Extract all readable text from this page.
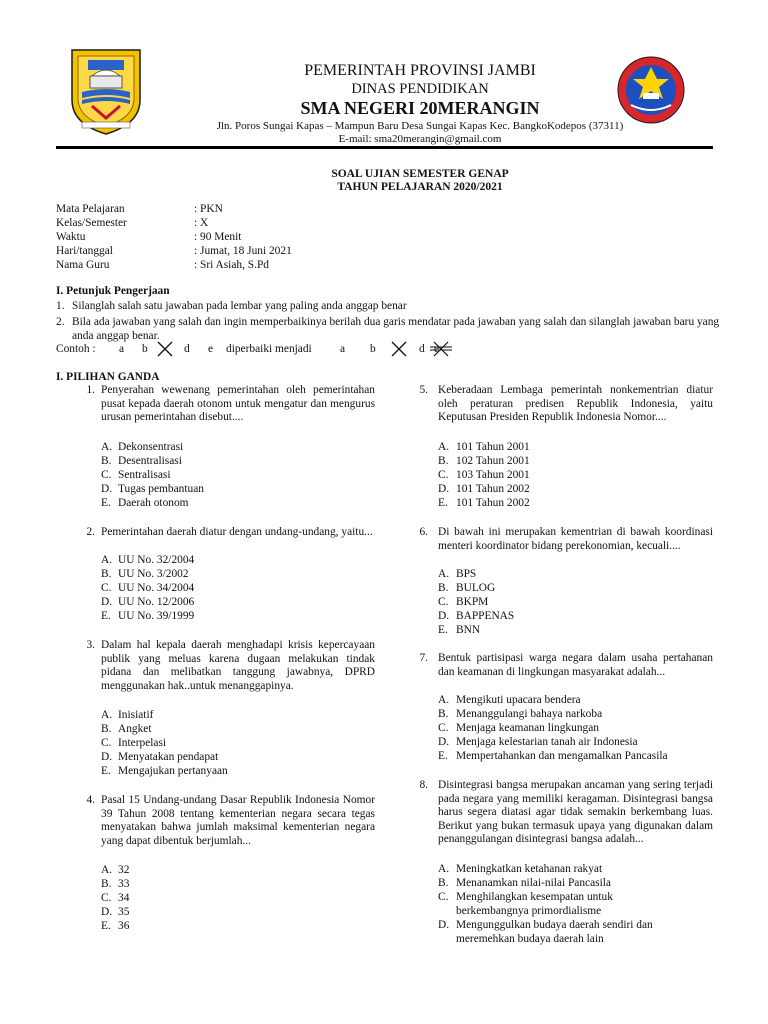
PEMERINTAH PROVINSI JAMBI
DINAS PENDIDIKAN
SMA NEGERI 20MERANGIN
Jln. Poros Sungai Kapas – Mampun Baru Desa Sungai Kapas Kec. BangkoKodepos (37311)
E-mail: sma20merangin@gmail.com
SOAL UJIAN SEMESTER GENAP
TAHUN PELAJARAN 2020/2021
Mata Pelajaran	: PKN
Kelas/Semester	: X
Waktu	: 90 Menit
Hari/tanggal	: Jumat, 18 Juni 2021
Nama Guru	: Sri Asiah, S.Pd
I. Petunjuk Pengerjaan
1. Silanglah salah satu jawaban pada lembar yang paling anda anggap benar
2. Bila ada jawaban yang salah dan ingin memperbaikinya berilah dua garis mendatar pada jawaban yang salah dan silanglah jawaban baru yang anda anggap benar.
Contoh : a b	d e diperbaiki menjadi a b	d e
I. PILIHAN GANDA
1. Penyerahan wewenang pemerintahan oleh pemerintahan pusat kepada daerah otonom untuk mengatur dan mengurus urusan pemerintahan disebut....
A. Dekonsentrasi
B. Desentralisasi
C. Sentralisasi
D. Tugas pembantuan
E. Daerah otonom
2. Pemerintahan daerah diatur dengan undang-undang, yaitu...
A. UU No. 32/2004
B. UU No. 3/2002
C. UU No. 34/2004
D. UU No. 12/2006
E. UU No. 39/1999
3. Dalam hal kepala daerah menghadapi krisis kepercayaan publik yang meluas karena dugaan melakukan tindak pidana dan melibatkan tanggung jawabnya, DPRD menggunakan hak..untuk menanggapinya.
A. Inisiatif
B. Angket
C. Interpelasi
D. Menyatakan pendapat
E. Mengajukan pertanyaan
4. Pasal 15 Undang-undang Dasar Republik Indonesia Nomor 39 Tahun 2008 tentang kementerian negara secara tegas menyatakan bahwa jumlah maksimal kementerian negara yang dapat dibentuk berjumlah...
A. 32
B. 33
C. 34
D. 35
E. 36
5. Keberadaan Lembaga pemerintah nonkementrian diatur oleh peraturan predisen Republik Indonesia, yaitu Keputusan Presiden Republik Indonesia Nomor....
A. 101 Tahun 2001
B. 102 Tahun 2001
C. 103 Tahun 2001
D. 101 Tahun 2002
E. 101 Tahun 2002
6. Di bawah ini merupakan kementrian di bawah koordinasi menteri koordinator bidang perekonomian, kecuali....
A. BPS
B. BULOG
C. BKPM
D. BAPPENAS
E. BNN
7. Bentuk partisipasi warga negara dalam usaha pertahanan dan keamanan di lingkungan masyarakat adalah...
A. Mengikuti upacara bendera
B. Menanggulangi bahaya narkoba
C. Menjaga keamanan lingkungan
D. Menjaga kelestarian tanah air Indonesia
E. Mempertahankan dan mengamalkan Pancasila
8. Disintegrasi bangsa merupakan ancaman yang sering terjadi pada negara yang memiliki keragaman. Disintegrasi bangsa harus segera diatasi agar tidak semakin berkembang luas. Berikut yang bukan termasuk upaya yang digunakan dalam penanggulangan disintegrasi bangsa adalah...
A. Meningkatkan ketahanan rakyat
B. Menanamkan nilai-nilai Pancasila
C. Menghilangkan kesempatan untuk berkembangnya primordialisme
D. Mengunggulkan budaya daerah sendiri dan meremehkan budaya daerah lain
